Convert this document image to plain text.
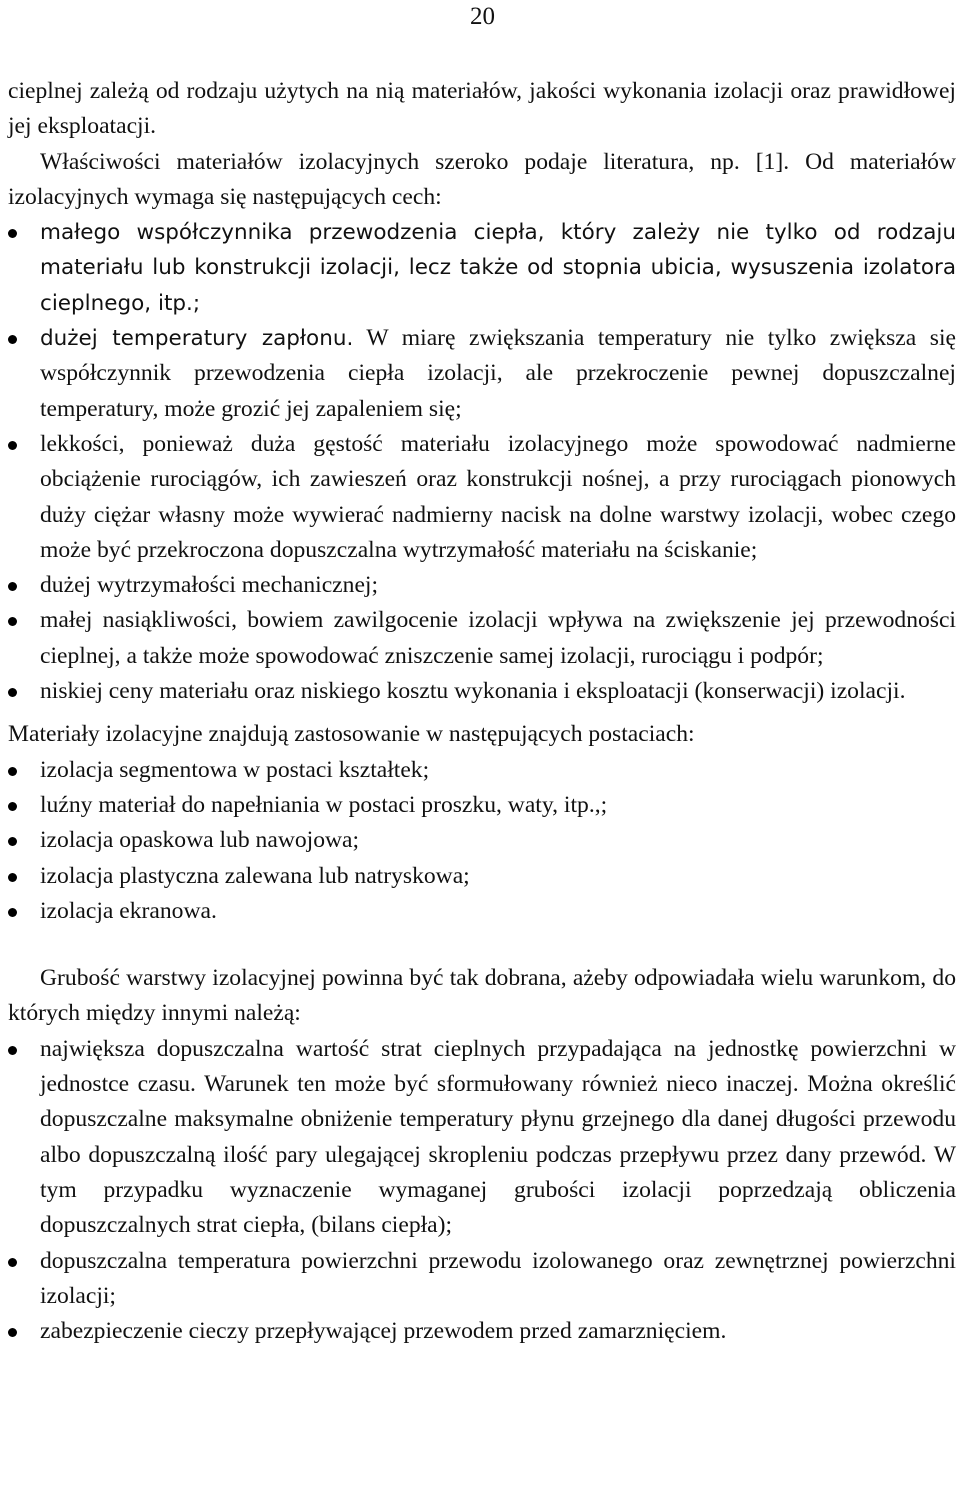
20

cieplnej zależą od rodzaju użytych na nią materiałów, jakości wykonania izolacji oraz prawidłowej jej eksploatacji.

Właściwości materiałów izolacyjnych szeroko podaje literatura, np. [1]. Od materiałów izolacyjnych wymaga się następujących cech:

małego współczynnika przewodzenia ciepła, który zależy nie tylko od rodzaju materiału lub konstrukcji izolacji, lecz także od stopnia ubicia, wysuszenia izolatora cieplnego, itp.;
dużej temperatury zapłonu. W miarę zwiększania temperatury nie tylko zwiększa się współczynnik przewodzenia ciepła izolacji, ale przekroczenie pewnej dopuszczalnej temperatury, może grozić jej zapaleniem się;
lekkości, ponieważ duża gęstość materiału izolacyjnego może spowodować nadmierne obciążenie rurociągów, ich zawieszeń oraz konstrukcji nośnej, a przy rurociągach pionowych duży ciężar własny może wywierać nadmierny nacisk na dolne warstwy izolacji, wobec czego może być przekroczona dopuszczalna wytrzymałość materiału na ściskanie;
dużej wytrzymałości mechanicznej;
małej nasiąkliwości, bowiem zawilgocenie izolacji wpływa na zwiększenie jej przewodności cieplnej, a także może spowodować zniszczenie samej izolacji, rurociągu i podpór;
niskiej ceny materiału oraz niskiego kosztu wykonania i eksploatacji (konserwacji) izolacji.

Materiały izolacyjne znajdują zastosowanie w następujących postaciach:

izolacja segmentowa w postaci kształtek;
luźny materiał do napełniania w postaci proszku, waty, itp.,;
izolacja opaskowa lub nawojowa;
izolacja plastyczna zalewana lub natryskowa;
izolacja ekranowa.

Grubość warstwy izolacyjnej powinna być tak dobrana, ażeby odpowiadała wielu warunkom, do których między innymi należą:

największa dopuszczalna wartość strat cieplnych przypadająca na jednostkę powierzchni w jednostce czasu. Warunek ten może być sformułowany również nieco inaczej. Można określić dopuszczalne maksymalne obniżenie temperatury płynu grzejnego dla danej długości przewodu albo dopuszczalną ilość pary ulegającej skropleniu podczas przepływu przez dany przewód. W tym przypadku wyznaczenie wymaganej grubości izolacji poprzedzają obliczenia dopuszczalnych strat ciepła, (bilans ciepła);
dopuszczalna temperatura powierzchni przewodu izolowanego oraz zewnętrznej powierzchni izolacji;
zabezpieczenie cieczy przepływającej przewodem przed zamarznięciem.
